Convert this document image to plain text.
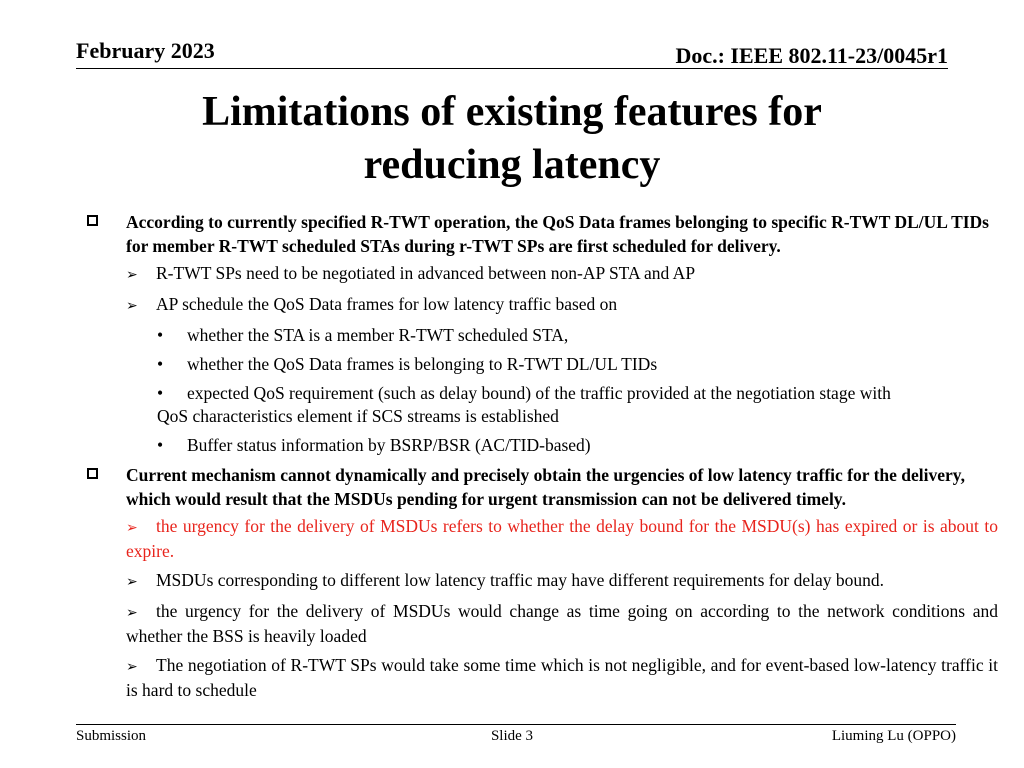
February 2023	Doc.: IEEE 802.11-23/0045r1
Limitations of existing features for
reducing latency
According to currently specified R-TWT operation, the QoS Data frames belonging to specific R-TWT DL/UL TIDs for member R-TWT scheduled STAs during r-TWT SPs are first scheduled for delivery.
➢ R-TWT SPs need to be negotiated in advanced between non-AP STA and AP
➢ AP schedule the QoS Data frames for low latency traffic based on
• whether the STA is a member R-TWT scheduled STA,
• whether the QoS Data frames is belonging to R-TWT DL/UL TIDs
• expected QoS requirement (such as delay bound) of the traffic provided at the negotiation stage with
QoS characteristics element if SCS streams is established
• Buffer status information by BSRP/BSR (AC/TID-based)
Current mechanism cannot dynamically and precisely obtain the urgencies of low latency traffic for the delivery, which would result that the MSDUs pending for urgent transmission can not be delivered timely.
➢ the urgency for the delivery of MSDUs refers to whether the delay bound for the MSDU(s) has expired or is about to expire.
➢ MSDUs corresponding to different low latency traffic may have different requirements for delay bound.
➢ the urgency for the delivery of MSDUs would change as time going on according to the network conditions and whether the BSS is heavily loaded
➢ The negotiation of R-TWT SPs would take some time which is not negligible, and for event-based low-latency traffic it is hard to schedule
Submission	Slide 3	Liuming Lu (OPPO)
